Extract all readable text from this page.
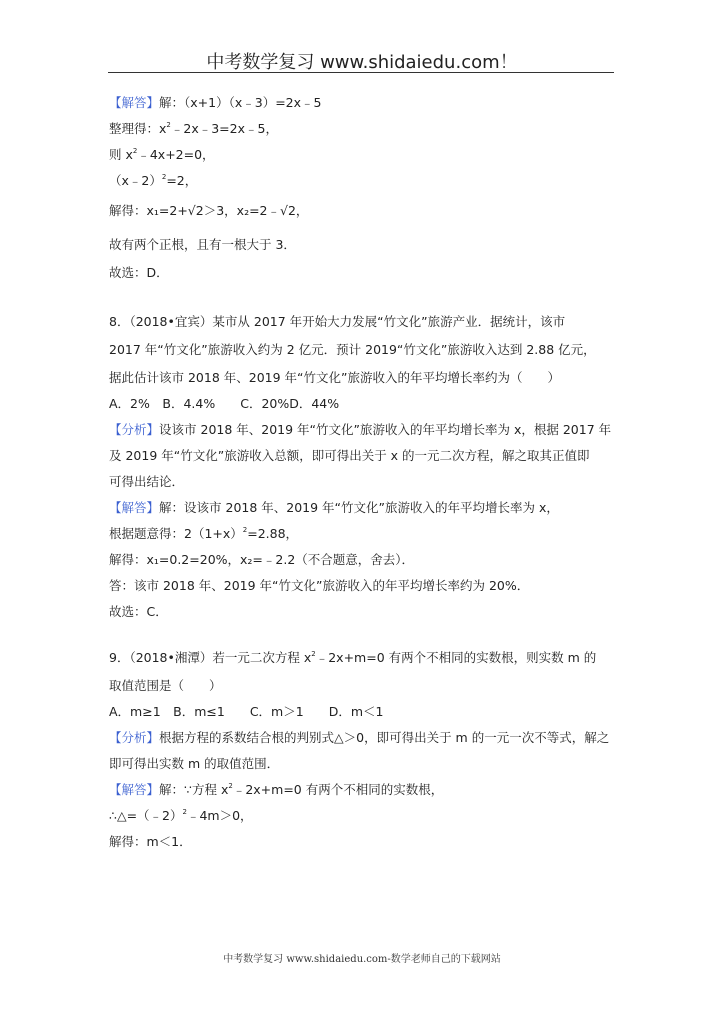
中考数学复习 www.shidaiedu.com！
【解答】解：（x+1）（x﹣3）=2x﹣5
整理得：$x^2﹣2x﹣3=2x﹣5$，
则 $x^2﹣4x+2=0$，
（x﹣2）$^2$=2，
解得：x₁=2+√2＞3，x₂=2﹣√2，
故有两个正根，且有一根大于 3．
故选：D．
8．（2018•宜宾）某市从 2017 年开始大力发展“竹文化”旅游产业．据统计，该市
2017 年“竹文化”旅游收入约为 2 亿元．预计 2019“竹文化”旅游收入达到 2.88 亿元，
据此估计该市 2018 年、2019 年“竹文化”旅游收入的年平均增长率约为（　　）
A．2%　B．4.4%　　C．20%D．44%
【分析】设该市 2018 年、2019 年“竹文化”旅游收入的年平均增长率为 x，根据 2017 年
及 2019 年“竹文化”旅游收入总额，即可得出关于 x 的一元二次方程，解之取其正值即
可得出结论．
【解答】解：设该市 2018 年、2019 年“竹文化”旅游收入的年平均增长率为 x，
根据题意得：$2(1+x)^2=2.88$，
解得：x₁=0.2=20%，x₂=﹣2.2（不合题意，舍去）．
答：该市 2018 年、2019 年“竹文化”旅游收入的年平均增长率约为 20%．
故选：C．
9．（2018•湘潭）若一元二次方程 $x^2﹣2x+m=0$ 有两个不相同的实数根，则实数 m 的
取值范围是（　　）
A．m≥1　B．m≤1　　C．m＞1　　D．m＜1
【分析】根据方程的系数结合根的判别式△＞0，即可得出关于 m 的一元一次不等式，解之
即可得出实数 m 的取值范围．
【解答】解：∵方程 $x^2﹣2x+m=0$ 有两个不相同的实数根，
∴△=（﹣2）$^2$﹣4m＞0，
解得：m＜1．
中考数学复习 www.shidaiedu.com-数学老师自己的下载网站
